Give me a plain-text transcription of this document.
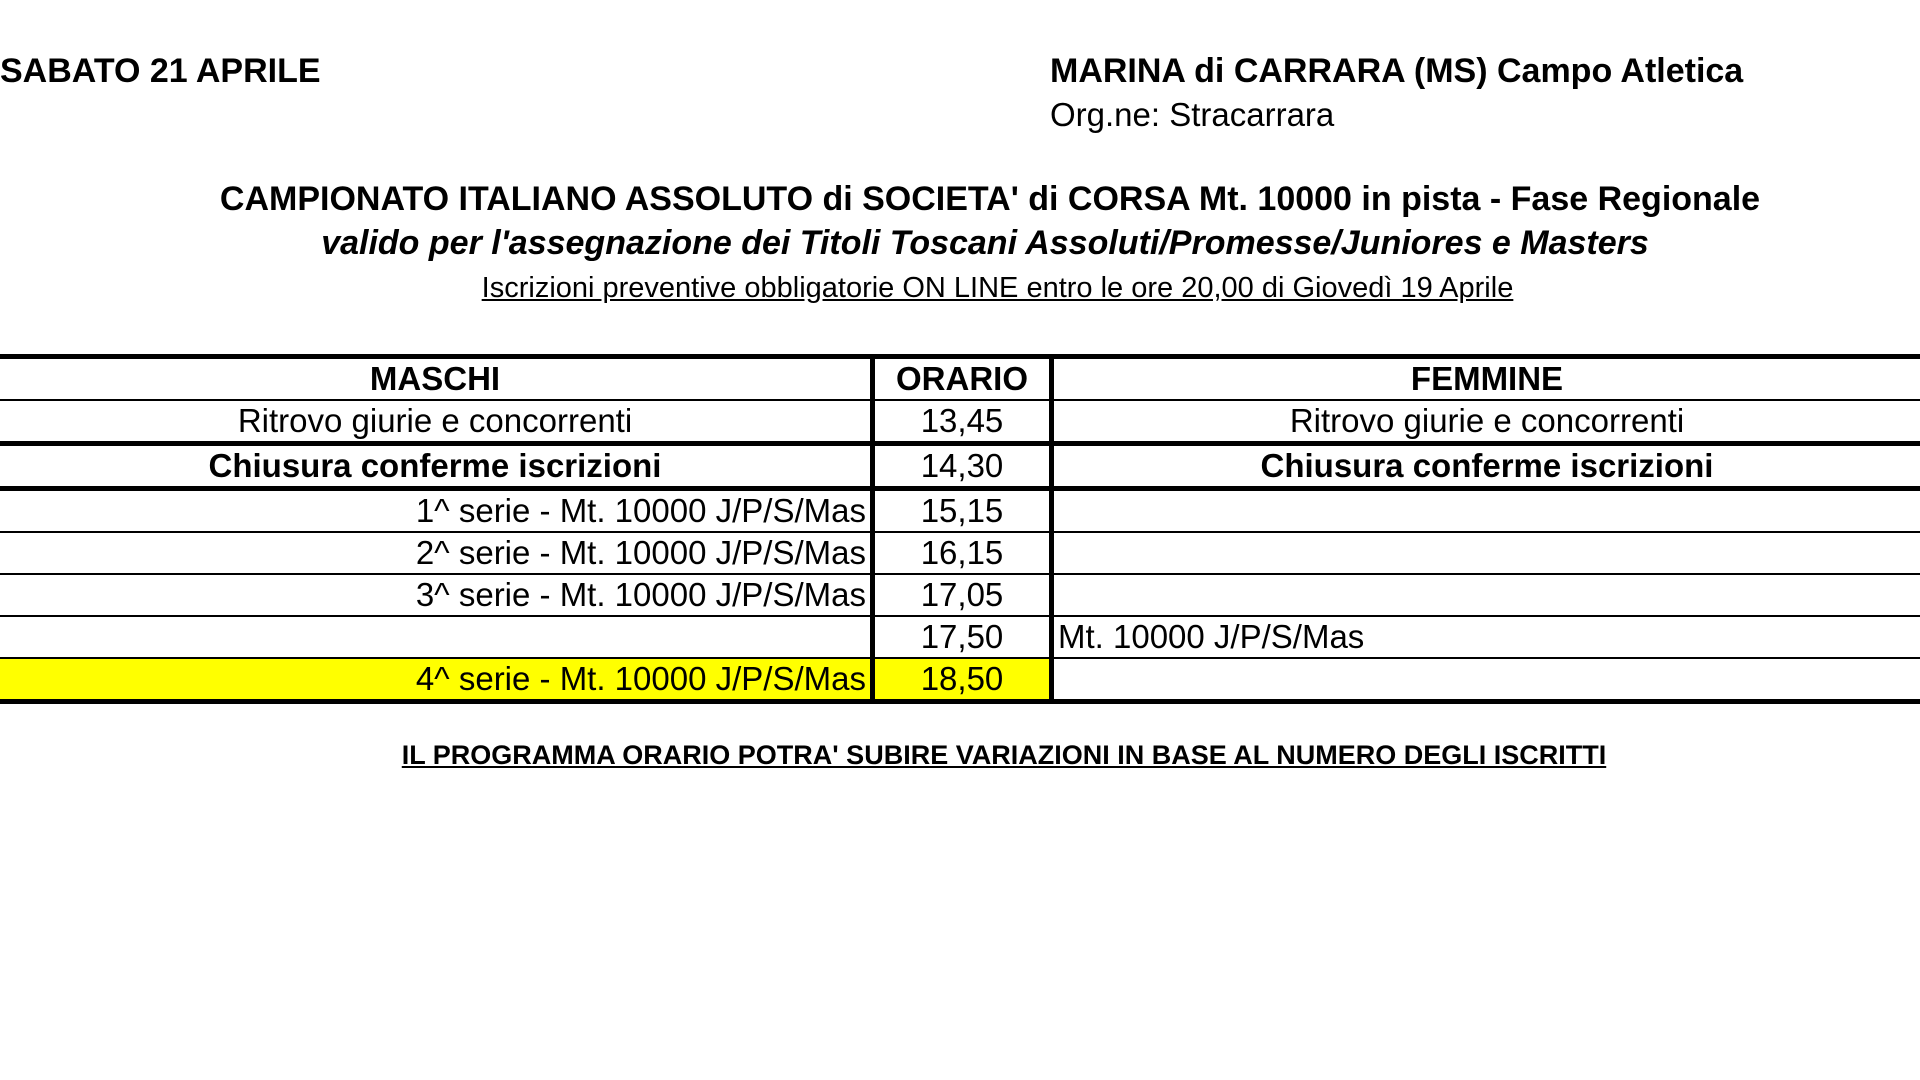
SABATO 21 APRILE	MARINA di CARRARA (MS) Campo Atletica
Org.ne: Stracarrara
CAMPIONATO ITALIANO ASSOLUTO di SOCIETA' di CORSA Mt. 10000 in pista - Fase Regionale
valido per l'assegnazione dei Titoli Toscani Assoluti/Promesse/Juniores e Masters
Iscrizioni preventive obbligatorie ON LINE entro le ore 20,00 di Giovedì 19 Aprile
MASCHI	ORARIO	FEMMINE
Ritrovo giurie e concorrenti	13,45	Ritrovo giurie e concorrenti
Chiusura conferme iscrizioni	14,30	Chiusura conferme iscrizioni
1^ serie - Mt. 10000 J/P/S/Mas	15,15	
2^ serie - Mt. 10000 J/P/S/Mas	16,15	
3^ serie - Mt. 10000 J/P/S/Mas	17,05	
	17,50	Mt. 10000 J/P/S/Mas
4^ serie - Mt. 10000 J/P/S/Mas	18,50	
IL PROGRAMMA ORARIO POTRA' SUBIRE VARIAZIONI IN BASE AL NUMERO DEGLI ISCRITTI
